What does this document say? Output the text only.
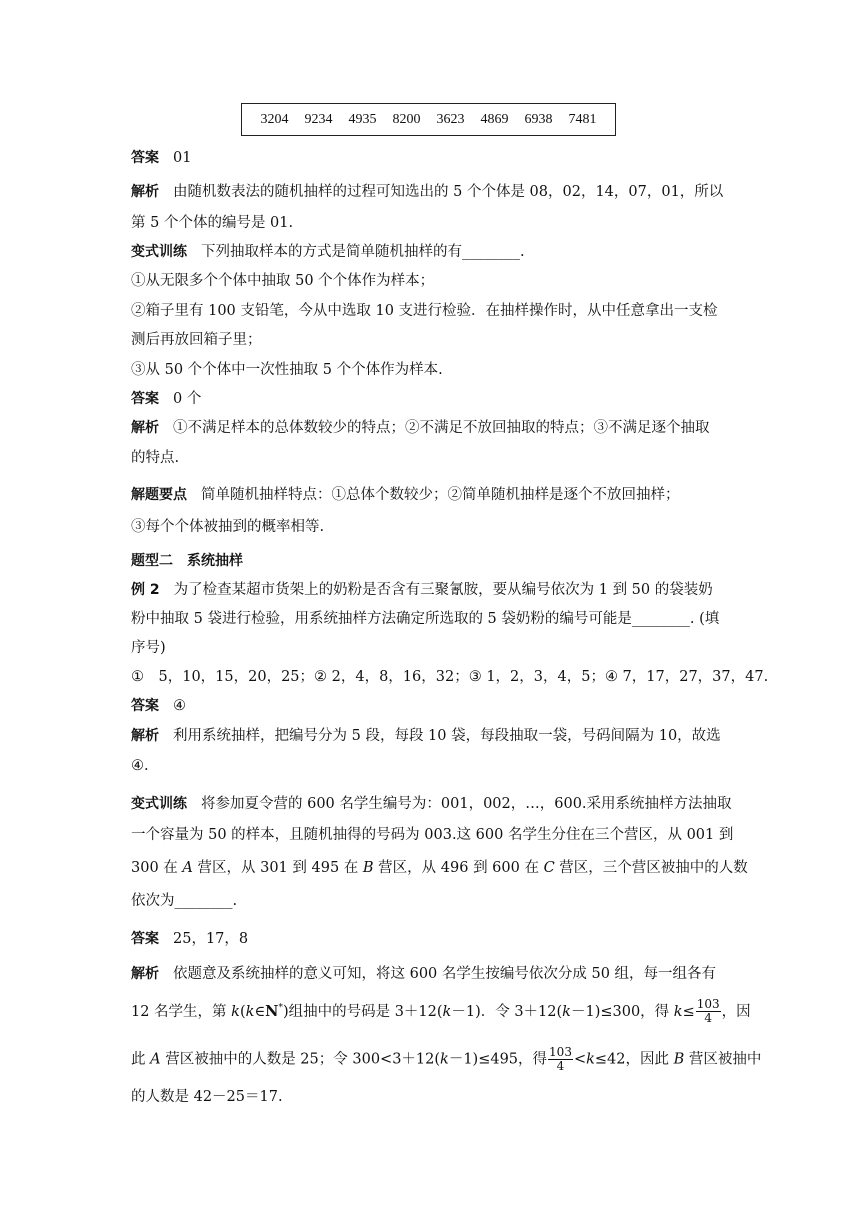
3204 9234 4935 8200 3623 4869 6938 7481
答案 01
解析 由随机数表法的随机抽样的过程可知选出的 5 个个体是 08，02，14，07，01，所以
第 5 个个体的编号是 01.
变式训练 下列抽取样本的方式是简单随机抽样的有________.
①从无限多个个体中抽取 50 个个体作为样本；
②箱子里有 100 支铅笔，今从中选取 10 支进行检验．在抽样操作时，从中任意拿出一支检
测后再放回箱子里；
③从 50 个个体中一次性抽取 5 个个体作为样本.
答案 0 个
解析 ①不满足样本的总体数较少的特点；②不满足不放回抽取的特点；③不满足逐个抽取
的特点.
解题要点 简单随机抽样特点：①总体个数较少；②简单随机抽样是逐个不放回抽样；
③每个个体被抽到的概率相等.
题型二　系统抽样
例 2 为了检查某超市货架上的奶粉是否含有三聚氰胺，要从编号依次为 1 到 50 的袋装奶
粉中抽取 5 袋进行检验，用系统抽样方法确定所选取的 5 袋奶粉的编号可能是________. (填
序号)
①　5，10，15，20，25；② 2，4，8，16，32；③ 1，2，3，4，5；④ 7，17，27，37，47.
答案 ④
解析 利用系统抽样，把编号分为 5 段，每段 10 袋，每段抽取一袋，号码间隔为 10，故选
④.
变式训练 将参加夏令营的 600 名学生编号为：001，002，…，600.采用系统抽样方法抽取
一个容量为 50 的样本，且随机抽得的号码为 003.这 600 名学生分住在三个营区，从 001 到
300 在 A 营区，从 301 到 495 在 B 营区，从 496 到 600 在 C 营区，三个营区被抽中的人数
依次为________.
答案 25，17，8
解析 依题意及系统抽样的意义可知，将这 600 名学生按编号依次分成 50 组，每一组各有
12 名学生，第 k(k∈N*)组抽中的号码是 3＋12(k－1)．令 3＋12(k－1)≤300，得 $k\le \frac{103}{4}$ ，因
此 A 营区被抽中的人数是 25；令 300<3＋12(k－1)≤495，得 $\frac{103}{4} <k\le 42$，因此 B 营区被抽中
的人数是 42－25＝17.
